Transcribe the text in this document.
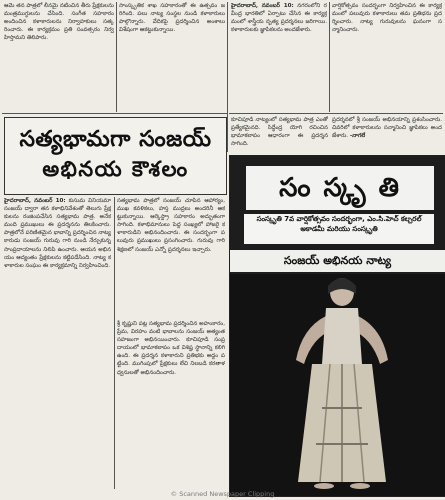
ఆమె తన పాత్రలో లీనమై నటించిన తీరు ప్రేక్షకులను మంత్రముగ్ధులను చేసింది. సంగీత సహకారం అందించిన కళాకారులను నిర్వాహకులు సత్కరించారు. ఈ కార్యక్రమం ప్రతి సంవత్సరం నిర్వహిస్తామని తెలిపారు.

సాంస్కృతిక శాఖ సహకారంతో ఈ ఉత్సవం జరిగింది. పలు నాట్య సంస్థల నుండి కళాకారులు పాల్గొన్నారు. వేదికపై ప్రదర్శించిన అంశాలు విశేషంగా ఆకట్టుకున్నాయి.

హైదరాబాద్, నవంబర్ 10: నగరంలోని రవీంద్ర భారతిలో ఏర్పాటు చేసిన ఈ కార్యక్రమంలో శాస్త్రీయ నృత్య ప్రదర్శనలు జరిగాయి. కళాకారులకు జ్ఞాపికలను అందజేశారు.

వార్షికోత్సవం సందర్భంగా నిర్వహించిన ఈ కార్యక్రమంలో పలువురు కళాకారులు తమ ప్రతిభను ప్రదర్శించారు. నాట్య గురువులను ఘనంగా సన్మానించారు.

సత్యభామగా సంజయ్
అభినయ కౌశలం

కూచిపూడి నాట్యంలో సత్యభామ పాత్ర ఎంతో ప్రత్యేకమైనది. సిద్ధేంద్ర యోగి రచించిన భామాకలాపం ఆధారంగా ఈ ప్రదర్శన సాగింది.

ప్రదర్శనలో శ్రీ సంజయ్ అభినయాన్ని ప్రశంసించారు. చివరిలో కళాకారులను సన్మానించి జ్ఞాపికలు అందజేశారు. -నాగలే

హైదరాబాద్, నవంబర్ 10: కుసుమ వినియమా సంజయ్ ద్వారా తన కళాభినివేశంతో తెలుగు ప్రేక్షకులను రంజింపచేసిన సత్యభామ పాత్ర. అనేక మంది ప్రముఖులు ఈ ప్రదర్శనను తిలకించారు. పాత్రలోనే పరిణితమైన భావాన్ని ప్రదర్శించిన నాట్యకారుడు సంజయ్ గురువు గారి నుండి నేర్చుకున్న సాంప్రదాయాలను నిలిపి ఉంచారు. ఆయన అభినయం ఆద్యంతం ప్రేక్షకులను కట్టిపడేసింది. నాట్య కళాకారుల సంఘం ఈ కార్యక్రమాన్ని నిర్వహించింది.

సత్యభామ పాత్రలో సంజయ్ చూపిన ఆహార్యం, ముఖ కవళికలు, హస్త ముద్రలు అందరినీ ఆకట్టుకున్నాయి. ఆర్కెస్ట్రా సహకారం అద్భుతంగా సాగింది. కళాభిమానులు పెద్ద సంఖ్యలో హాజరై కళాకారుడిని అభినందించారు. ఈ సందర్భంగా పలువురు ప్రముఖులు ప్రసంగించారు. గురువు గారి శిక్షణలో సంజయ్ ఎన్నో ప్రదర్శనలు ఇచ్చారు.

శ్రీ కృష్ణుని పట్ల సత్యభామ ప్రదర్శించిన అహంకారం, ప్రేమ, విరహం వంటి భావాలను సంజయ్ అత్యంత సహజంగా అభినయించారు. కూచిపూడి సంప్రదాయంలో భామాకలాపం ఒక విశిష్ట స్థానాన్ని కలిగి ఉంది. ఈ ప్రదర్శన కళాకారుని ప్రతిభకు అద్దం పట్టింది. ముగింపులో ప్రేక్షకులు లేచి నిలబడి కరతాళ ధ్వనులతో అభినందించారు.

సం స్కృ తి
సంస్కృతి 7వ వార్షికోత్సవం సందర్భంగా, ఎం.సి.హెచ్ కల్చరల్ అకాడమీ మరియు సంస్కృతి
సంజయ్ అభినయ నాట్య
© Scanned Newspaper Clipping
